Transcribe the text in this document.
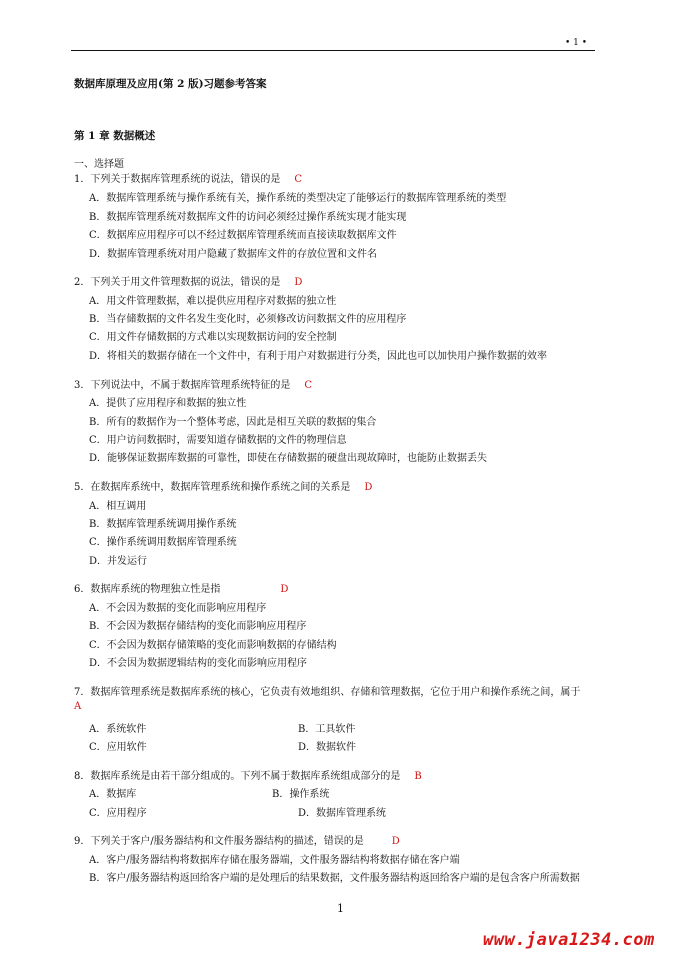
• 1 •
数据库原理及应用(第 2 版)习题参考答案
第 1 章 数据概述
一、选择题
1．下列关于数据库管理系统的说法，错误的是 C
A．数据库管理系统与操作系统有关，操作系统的类型决定了能够运行的数据库管理系统的类型
B．数据库管理系统对数据库文件的访问必须经过操作系统实现才能实现
C．数据库应用程序可以不经过数据库管理系统而直接读取数据库文件
D．数据库管理系统对用户隐藏了数据库文件的存放位置和文件名
2．下列关于用文件管理数据的说法，错误的是 D
A．用文件管理数据，难以提供应用程序对数据的独立性
B．当存储数据的文件名发生变化时，必须修改访问数据文件的应用程序
C．用文件存储数据的方式难以实现数据访问的安全控制
D．将相关的数据存储在一个文件中，有利于用户对数据进行分类，因此也可以加快用户操作数据的效率
3．下列说法中，不属于数据库管理系统特征的是 C
A．提供了应用程序和数据的独立性
B．所有的数据作为一个整体考虑，因此是相互关联的数据的集合
C．用户访问数据时，需要知道存储数据的文件的物理信息
D．能够保证数据库数据的可靠性，即使在存储数据的硬盘出现故障时，也能防止数据丢失
5．在数据库系统中，数据库管理系统和操作系统之间的关系是 D
A．相互调用
B．数据库管理系统调用操作系统
C．操作系统调用数据库管理系统
D．并发运行
6．数据库系统的物理独立性是指	D
A．不会因为数据的变化而影响应用程序
B．不会因为数据存储结构的变化而影响应用程序
C．不会因为数据存储策略的变化而影响数据的存储结构
D．不会因为数据逻辑结构的变化而影响应用程序
7．数据库管理系统是数据库系统的核心，它负责有效地组织、存储和管理数据，它位于用户和操作系统之间，属于
A
A．系统软件	B．工具软件
C．应用软件	D．数据软件
8．数据库系统是由若干部分组成的。下列不属于数据库系统组成部分的是 B
A．数据库	B．操作系统
C．应用程序	D．数据库管理系统
9．下列关于客户/服务器结构和文件服务器结构的描述，错误的是	D
A．客户/服务器结构将数据库存储在服务器端，文件服务器结构将数据存储在客户端
B．客户/服务器结构返回给客户端的是处理后的结果数据，文件服务器结构返回给客户端的是包含客户所需数据
1
www.java1234.com
